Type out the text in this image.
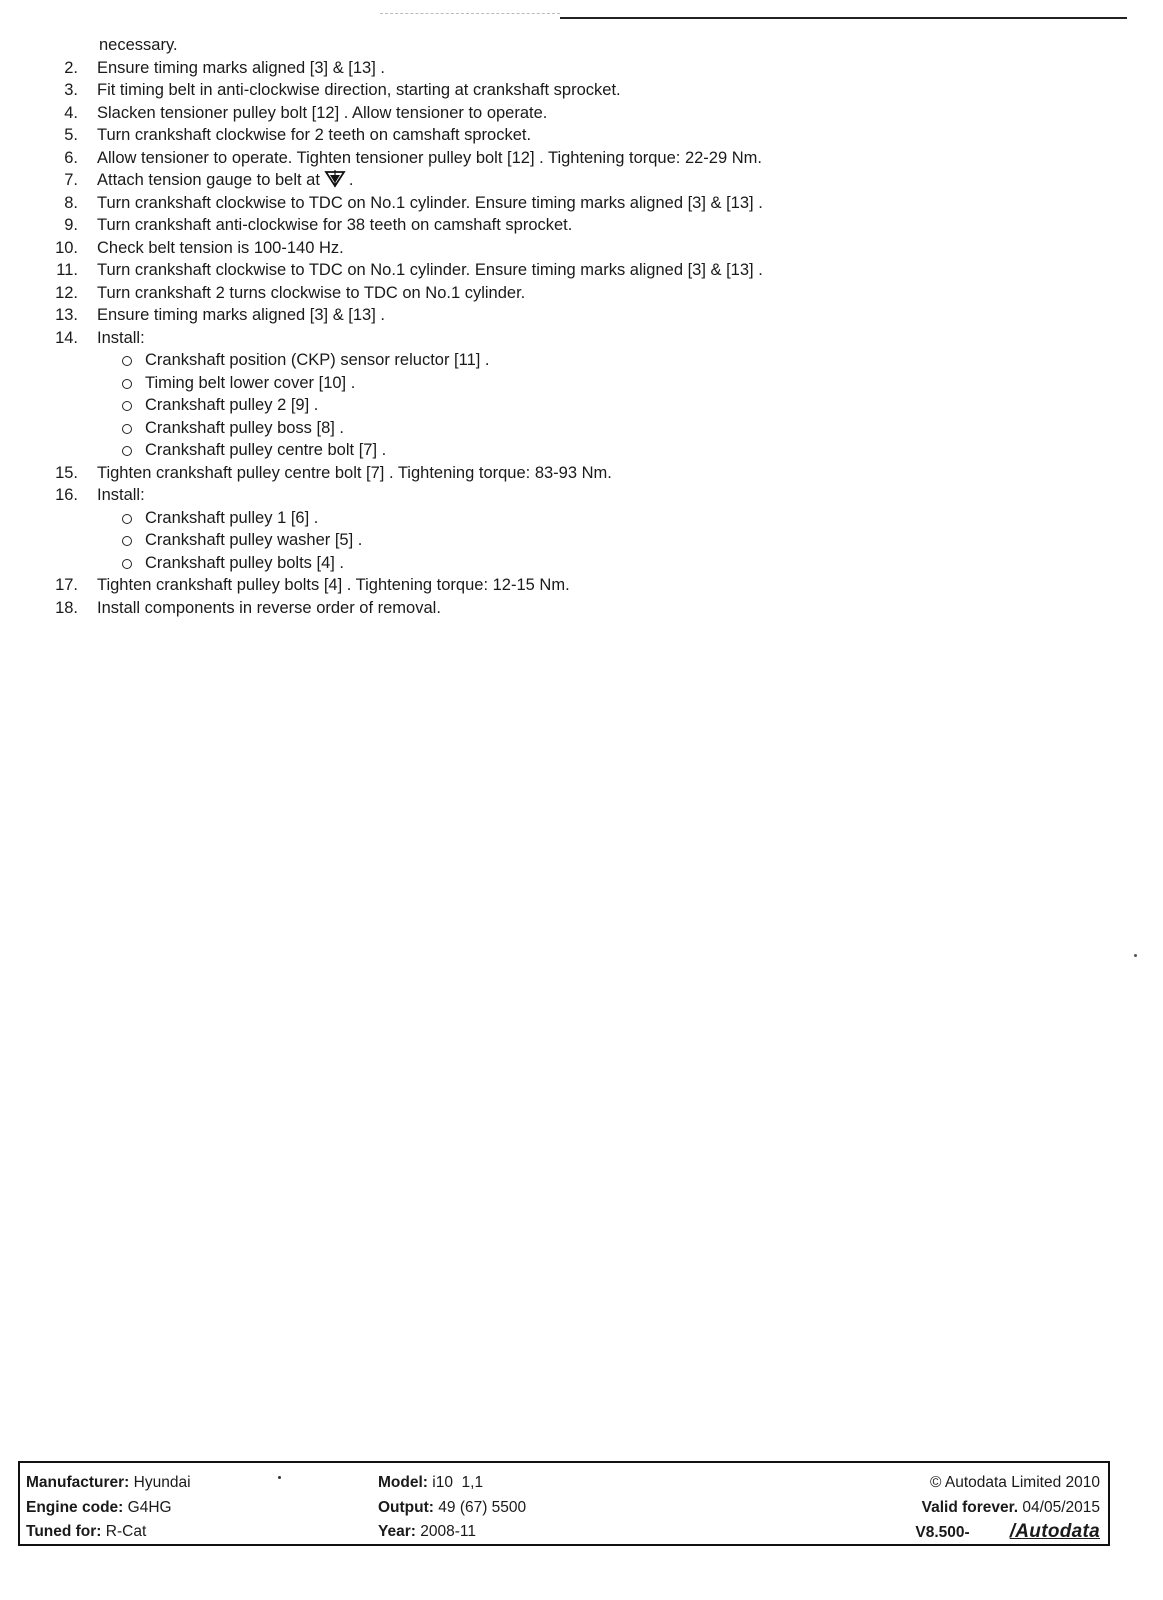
necessary.
2. Ensure timing marks aligned [3] & [13] .
3. Fit timing belt in anti-clockwise direction, starting at crankshaft sprocket.
4. Slacken tensioner pulley bolt [12] . Allow tensioner to operate.
5. Turn crankshaft clockwise for 2 teeth on camshaft sprocket.
6. Allow tensioner to operate. Tighten tensioner pulley bolt [12] . Tightening torque: 22-29 Nm.
7. Attach tension gauge to belt at .
8. Turn crankshaft clockwise to TDC on No.1 cylinder. Ensure timing marks aligned [3] & [13] .
9. Turn crankshaft anti-clockwise for 38 teeth on camshaft sprocket.
10. Check belt tension is 100-140 Hz.
11. Turn crankshaft clockwise to TDC on No.1 cylinder. Ensure timing marks aligned [3] & [13] .
12. Turn crankshaft 2 turns clockwise to TDC on No.1 cylinder.
13. Ensure timing marks aligned [3] & [13] .
14. Install:
Crankshaft position (CKP) sensor reluctor [11] .
Timing belt lower cover [10] .
Crankshaft pulley 2 [9] .
Crankshaft pulley boss [8] .
Crankshaft pulley centre bolt [7] .
15. Tighten crankshaft pulley centre bolt [7] . Tightening torque: 83-93 Nm.
16. Install:
Crankshaft pulley 1 [6] .
Crankshaft pulley washer [5] .
Crankshaft pulley bolts [4] .
17. Tighten crankshaft pulley bolts [4] . Tightening torque: 12-15 Nm.
18. Install components in reverse order of removal.
Manufacturer: Hyundai
Engine code: G4HG
Tuned for: R-Cat
Model: i10  1,1
Output: 49 (67) 5500
Year: 2008-11
© Autodata Limited 2010
Valid forever. 04/05/2015
V8.500- /Autodata
